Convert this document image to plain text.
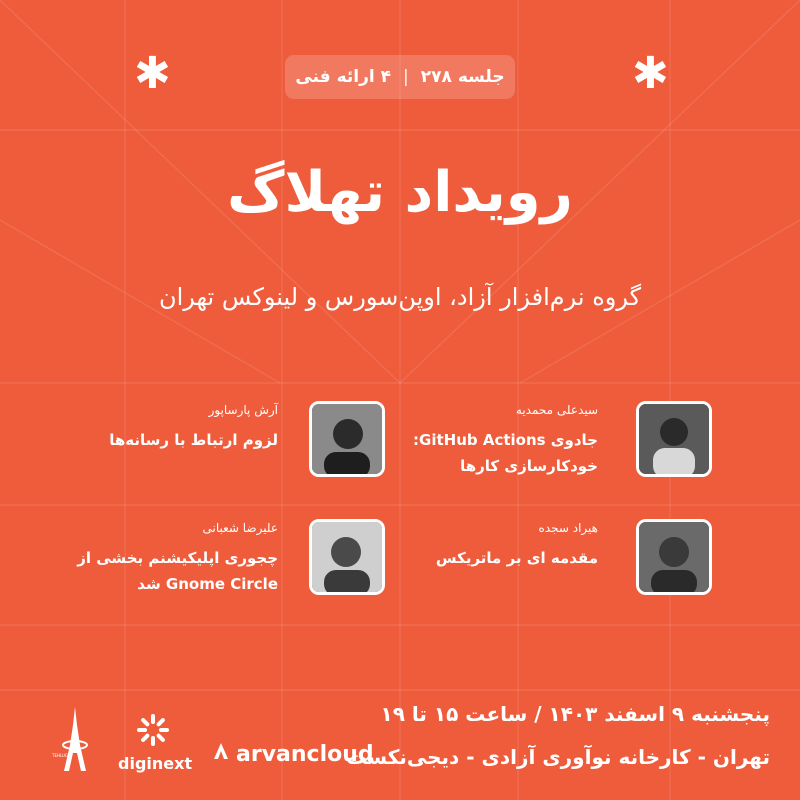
✱	✱
جلسه ۲۷۸
|
۴ ارائه فنی
رویداد تهلاگ
گروه نرم‌افزار آزاد، اوپن‌سورس و لینوکس تهران
سیدعلی محمدیه
جادوی GitHub Actions:
خودکارسازی کارها
آرش پارساپور
لزوم ارتباط با رسانه‌ها
هیراد سجده
مقدمه ای بر ماتریکس
علیرضا شعبانی
چجوری اپلیکیشنم بخشی از
Gnome Circle شد
پنجشنبه ۹ اسفند ۱۴۰۳ / ساعت ۱۵ تا ۱۹
تهران - کارخانه نوآوری آزادی - دیجی‌نکست
arvancloud
diginext
TEHLUG
